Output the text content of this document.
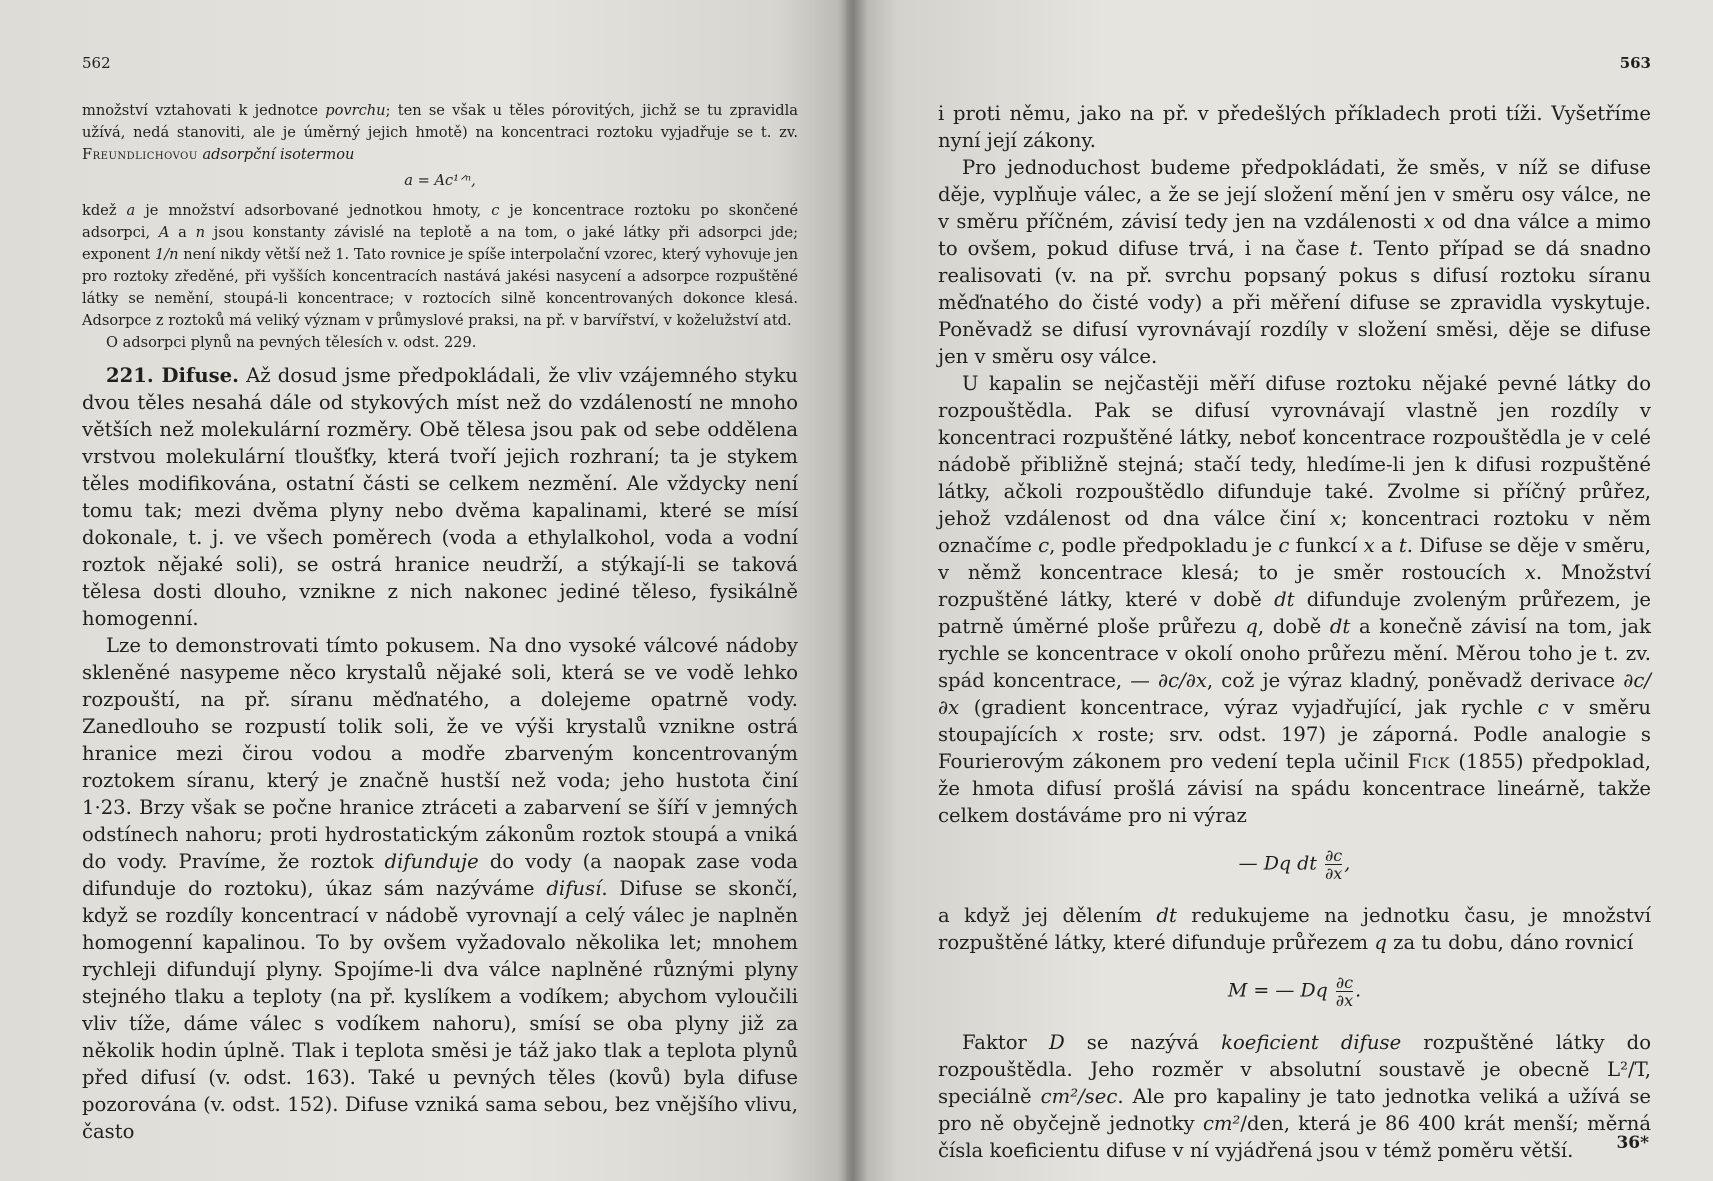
562

množství vztahovati k jednotce povrchu; ten se však u těles pórovitých, jichž se tu zpravidla užívá, nedá stanoviti, ale je úměrný jejich hmotě) na koncentraci roztoku vyjadřuje se t. zv. Freundlichovou adsorpční isotermou

a = Ac¹ᐟⁿ,

kdež a je množství adsorbované jednotkou hmoty, c je koncentrace roztoku po skončené adsorpci, A a n jsou konstanty závislé na teplotě a na tom, o jaké látky při adsorpci jde; exponent 1/n není nikdy větší než 1. Tato rovnice je spíše interpolační vzorec, který vyhovuje jen pro roztoky zředěné, při vyšších koncentracích nastává jakési nasycení a adsorpce rozpuštěné látky se nemění, stoupá-li koncentrace; v roztocích silně koncentrovaných dokonce klesá. Adsorpce z roztoků má veliký význam v průmyslové praksi, na př. v barvířství, v koželužství atd.

O adsorpci plynů na pevných tělesích v. odst. 229.

221. Difuse. Až dosud jsme předpokládali, že vliv vzájemného styku dvou těles nesahá dále od stykových míst než do vzdáleností ne mnoho větších než molekulární rozměry. Obě tělesa jsou pak od sebe oddělena vrstvou molekulární tloušťky, která tvoří jejich rozhraní; ta je stykem těles modifikována, ostatní části se celkem nezmění. Ale vždycky není tomu tak; mezi dvěma plyny nebo dvěma kapalinami, které se mísí dokonale, t. j. ve všech poměrech (voda a ethylalkohol, voda a vodní roztok nějaké soli), se ostrá hranice neudrží, a stýkají-li se taková tělesa dosti dlouho, vznikne z nich nakonec jediné těleso, fysikálně homogenní.

Lze to demonstrovati tímto pokusem. Na dno vysoké válcové nádoby skleněné nasypeme něco krystalů nějaké soli, která se ve vodě lehko rozpouští, na př. síranu měďnatého, a dolejeme opatrně vody. Zanedlouho se rozpustí tolik soli, že ve výši krystalů vznikne ostrá hranice mezi čirou vodou a modře zbarveným koncentrovaným roztokem síranu, který je značně hustší než voda; jeho hustota činí 1·23. Brzy však se počne hranice ztráceti a zabarvení se šíří v jemných odstínech nahoru; proti hydrostatickým zákonům roztok stoupá a vniká do vody. Pravíme, že roztok difunduje do vody (a naopak zase voda difunduje do roztoku), úkaz sám nazýváme difusí. Difuse se skončí, když se rozdíly koncentrací v nádobě vyrovnají a celý válec je naplněn homogenní kapalinou. To by ovšem vyžadovalo několika let; mnohem rychleji difundují plyny. Spojíme-li dva válce naplněné různými plyny stejného tlaku a teploty (na př. kyslíkem a vodíkem; abychom vyloučili vliv tíže, dáme válec s vodíkem nahoru), smísí se oba plyny již za několik hodin úplně. Tlak i teplota směsi je táž jako tlak a teplota plynů před difusí (v. odst. 163). Také u pevných těles (kovů) byla difuse pozorována (v. odst. 152). Difuse vzniká sama sebou, bez vnějšího vlivu, často

563

i proti němu, jako na př. v předešlých příkladech proti tíži. Vyšetříme nyní její zákony.

Pro jednoduchost budeme předpokládati, že směs, v níž se difuse děje, vyplňuje válec, a že se její složení mění jen v směru osy válce, ne v směru příčném, závisí tedy jen na vzdálenosti x od dna válce a mimo to ovšem, pokud difuse trvá, i na čase t. Tento případ se dá snadno realisovati (v. na př. svrchu popsaný pokus s difusí roztoku síranu měďnatého do čisté vody) a při měření difuse se zpravidla vyskytuje. Poněvadž se difusí vyrovnávají rozdíly v složení směsi, děje se difuse jen v směru osy válce.

U kapalin se nejčastěji měří difuse roztoku nějaké pevné látky do rozpouštědla. Pak se difusí vyrovnávají vlastně jen rozdíly v koncentraci rozpuštěné látky, neboť koncentrace rozpouštědla je v celé nádobě přibližně stejná; stačí tedy, hledíme-li jen k difusi rozpuštěné látky, ačkoli rozpouštědlo difunduje také. Zvolme si příčný průřez, jehož vzdálenost od dna válce činí x; koncentraci roztoku v něm označíme c, podle předpokladu je c funkcí x a t. Difuse se děje v směru, v němž koncentrace klesá; to je směr rostoucích x. Množství rozpuštěné látky, které v době dt difunduje zvoleným průřezem, je patrně úměrné ploše průřezu q, době dt a konečně závisí na tom, jak rychle se koncentrace v okolí onoho průřezu mění. Měrou toho je t. zv. spád koncentrace, — ∂c/∂x, což je výraz kladný, poněvadž derivace ∂c/∂x (gradient koncentrace, výraz vyjadřující, jak rychle c v směru stoupajících x roste; srv. odst. 197) je záporná. Podle analogie s Fourierovým zákonem pro vedení tepla učinil Fick (1855) předpoklad, že hmota difusí prošlá závisí na spádu koncentrace lineárně, takže celkem dostáváme pro ni výraz

— Dq dt $\frac{\partial c}{\partial x}$ ,

a když jej dělením dt redukujeme na jednotku času, je množství rozpuštěné látky, které difunduje průřezem q za tu dobu, dáno rovnicí

M = — Dq $\frac{\partial c}{\partial x}$ .

Faktor D se nazývá koeficient difuse rozpuštěné látky do rozpouštědla. Jeho rozměr v absolutní soustavě je obecně L²/T, speciálně cm²/sec. Ale pro kapaliny je tato jednotka veliká a užívá se pro ně obyčejně jednotky cm²/den, která je 86 400 krát menší; měrná čísla koeficientu difuse v ní vyjádřená jsou v témž poměru větší.	36*
